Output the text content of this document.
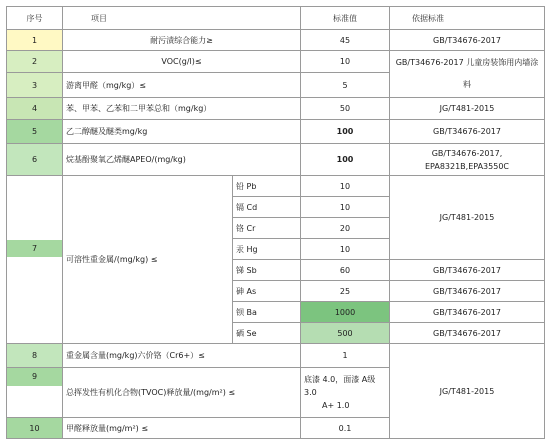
序号	项目		标准值	依据标准
1	耐污渍综合能力≥		45	GB/T34676-2017
2	VOC(g/l)≤		10	GB/T34676-2017 儿童房装饰用内墙涂料
3	游离甲醛（mg/kg）≤		5	
4	苯、甲苯、乙苯和二甲苯总和（mg/kg）		50	JG/T481-2015
5	乙二醇醚及醚类mg/kg		100	GB/T34676-2017
6	烷基酚聚氧乙烯醚APEO/(mg/kg)		100	GB/T34676-2017, EPA8321B,EPA3550C

7	可溶性重金属/(mg/kg) ≤	铅 Pb	10	JG/T481-2015
		镉 Cd	10	
		铬 Cr	20	
		汞 Hg	10	
		锑 Sb	60	GB/T34676-2017
		砷 As	25	GB/T34676-2017
		钡 Ba	1000	GB/T34676-2017
		硒 Se	500	GB/T34676-2017
8	重金属含量(mg/kg)六价铬（Cr6+）≤		1	JG/T481-2015

9	总挥发性有机化合物(TVOC)释放量/(mg/m²) ≤		底漆 4.0，面漆 A级
3.0
A+ 1.0	

10	甲醛释放量(mg/m²) ≤		0.1	
